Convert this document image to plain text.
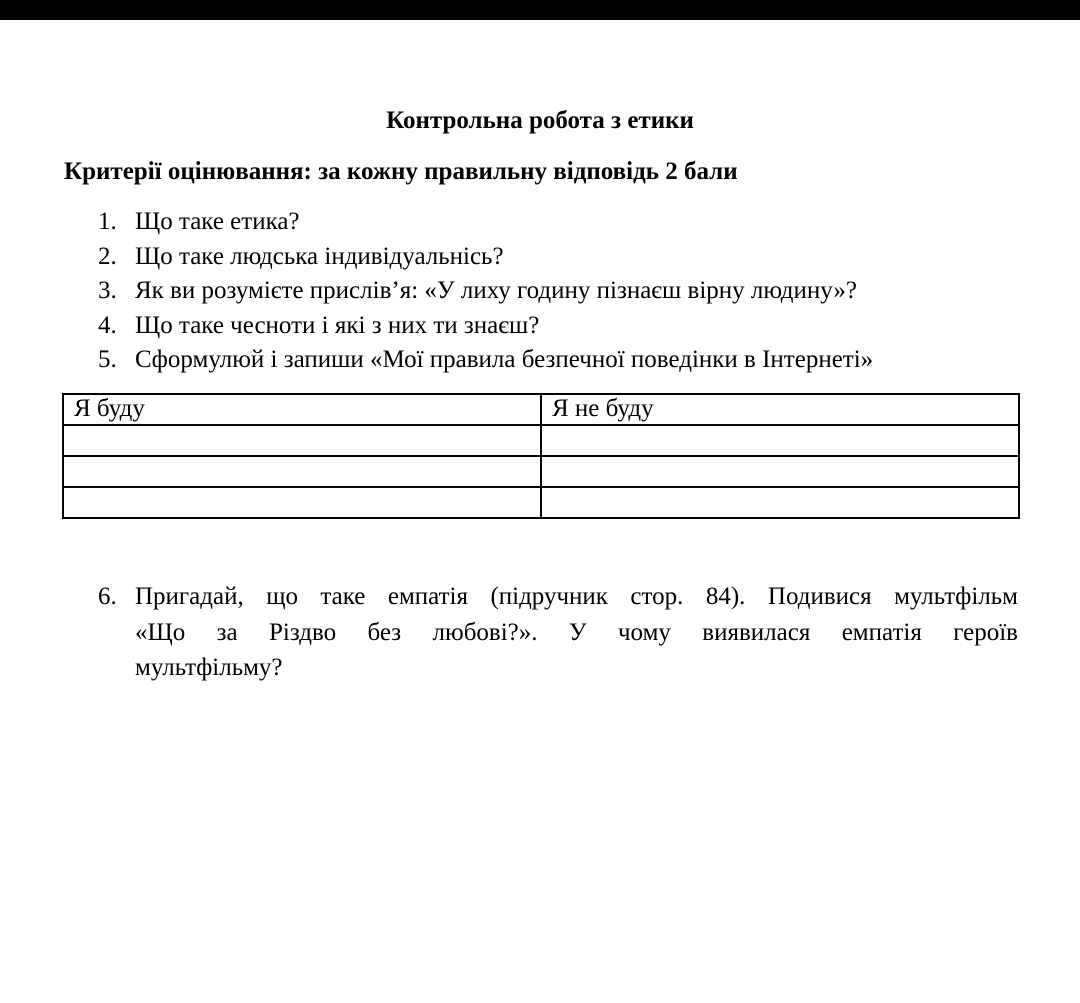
Контрольна робота з етики

Критерії оцінювання: за кожну правильну відповідь 2 бали

1. Що таке етика?
2. Що таке людська індивідуальнісь?
3. Як ви розумієте прислів’я: «У лиху годину пізнаєш вірну людину»?
4. Що таке чесноти і які з них ти знаєш?
5. Сформулюй і запиши «Мої правила безпечної поведінки в Інтернеті»
Я буду	Я не буду

6. Пригадай, що таке емпатія (підручник стор. 84). Подивися мультфільм
«Що за Різдво без любові?». У чому виявилася емпатія героїв
мультфільму?
